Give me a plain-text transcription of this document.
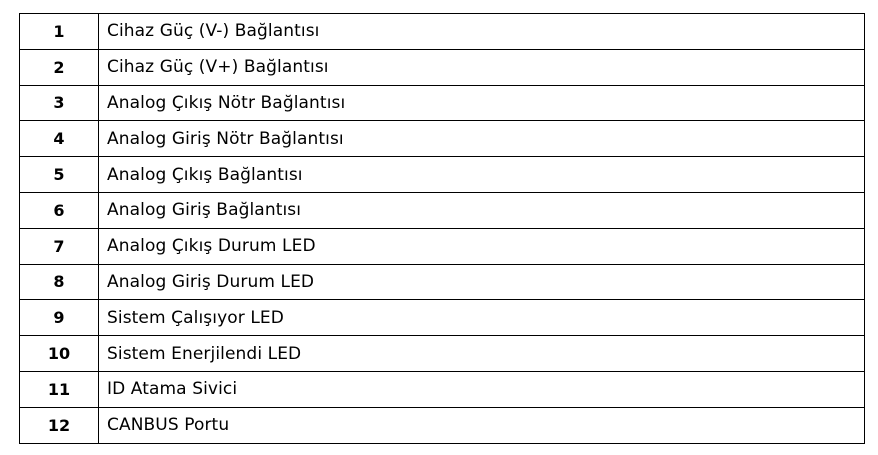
1	Cihaz Güç (V-) Bağlantısı
2	Cihaz Güç (V+) Bağlantısı
3	Analog Çıkış Nötr Bağlantısı
4	Analog Giriş Nötr Bağlantısı
5	Analog Çıkış Bağlantısı
6	Analog Giriş Bağlantısı
7	Analog Çıkış Durum LED
8	Analog Giriş Durum LED
9	Sistem Çalışıyor LED
10	Sistem Enerjilendi LED
11	ID Atama Sivici
12	CANBUS Portu
